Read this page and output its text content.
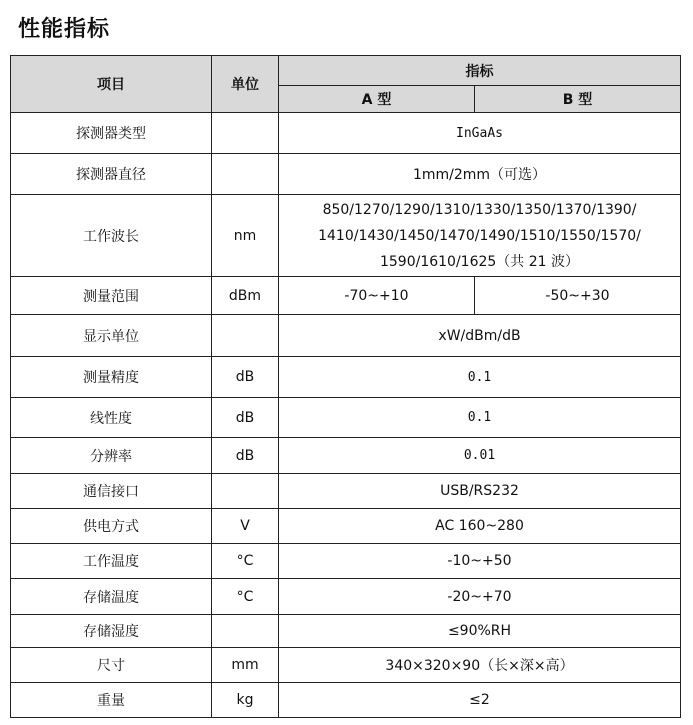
性能指标
项目	单位	指标	
		A 型	B 型
探测器类型		InGaAs	
探测器直径		1mm/2mm（可选）	
工作波长	nm	850/1270/1290/1310/1330/1350/1370/1390/
1410/1430/1450/1470/1490/1510/1550/1570/
1590/1610/1625（共 21 波）	

测量范围	dBm	-70~+10	-50~+30
显示单位		xW/dBm/dB	
测量精度	dB	0.1	
线性度	dB	0.1	
分辨率	dB	0.01	
通信接口		USB/RS232	
供电方式	V	AC 160~280	
工作温度	°C	-10~+50	
存储温度	°C	-20~+70	
存储湿度		≤90%RH	
尺寸	mm	340×320×90（长×深×高）	
重量	kg	≤2	
